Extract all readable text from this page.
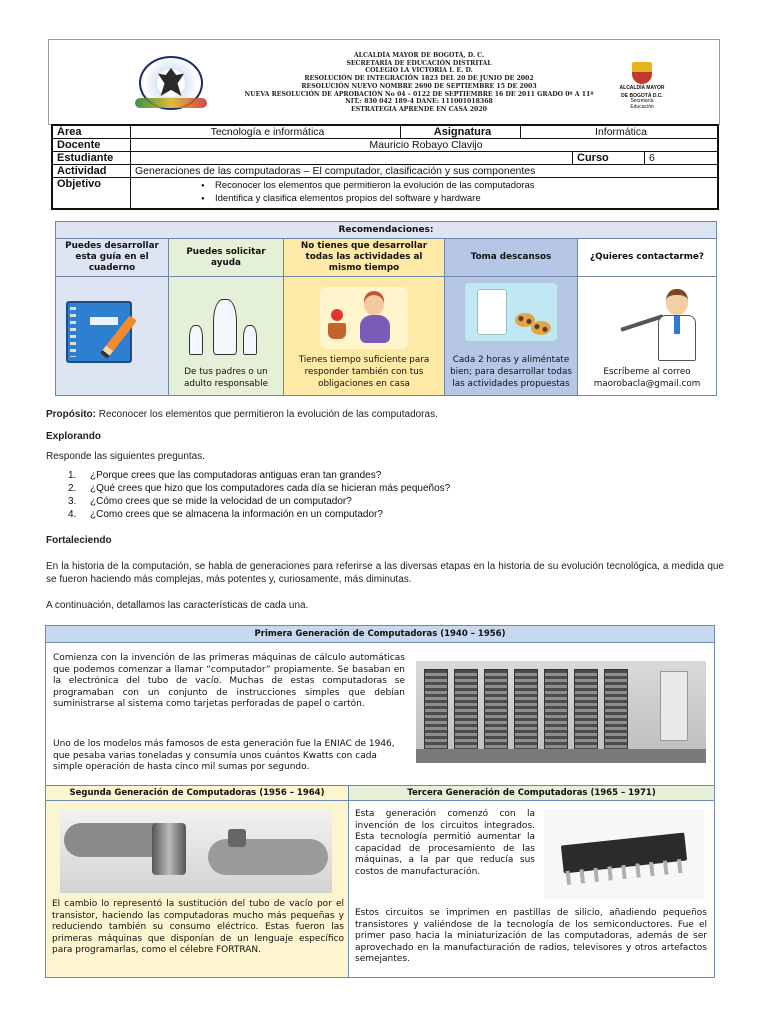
ALCALDÍA MAYOR DE BOGOTÁ, D. C.
SECRETARÍA DE EDUCACIÓN DISTRITAL
COLEGIO LA VICTORIA I. E. D.
RESOLUCIÓN DE INTEGRACIÓN 1823 DEL 20 DE JUNIO DE 2002
RESOLUCIÓN NUEVO NOMBRE 2690 DE SEPTIEMBRE 15 DE 2003
NUEVA RESOLUCIÓN DE APROBACIÓN No 04 – 0122 DE SEPTIEMBRE 16 DE 2011 GRADO 0º A 11º
NIT.: 830 042 189-4 DANE: 111001018368
ESTRATEGIA APRENDE EN CASA 2020
ALCALDÍA MAYOR
DE BOGOTÁ D.C.
Secretaría
Educación
Área	Tecnología e informática	Asignatura	Informática
Docente	Mauricio Robayo Clavijo
Estudiante	Curso	6
Actividad	Generaciones de las computadoras – El computador, clasificación y sus componentes
Objetivo
●	Reconocer los elementos que permitieron la evolución de las computadoras
● Identifica y clasifica elementos propios del software y hardware
Recomendaciones:
Puedes desarrollar esta guía en el cuaderno
Puedes solicitar ayuda
De tus padres o un adulto responsable
No tienes que desarrollar todas las actividades al mismo tiempo
Tienes tiempo suficiente para responder también con tus obligaciones en casa
Toma descansos
Cada 2 horas y aliméntate bien; para desarrollar todas las actividades propuestas
¿Quieres contactarme?
Escríbeme al correo maorobacla@gmail.com
Propósito: Reconocer los elementos que permitieron la evolución de las computadoras.
Explorando
Responde las siguientes preguntas.
1. ¿Porque crees que las computadoras antiguas eran tan grandes?
2. ¿Qué crees que hizo que los computadores cada día se hicieran más pequeños?
3. ¿Cómo crees que se mide la velocidad de un computador?
4. ¿Como crees que se almacena la información en un computador?
Fortaleciendo
En la historia de la computación, se habla de generaciones para referirse a las diversas etapas en la historia de su evolución tecnológica, a medida que se fueron haciendo más complejas, más potentes y, curiosamente, más diminutas.
A continuación, detallamos las características de cada una.
Primera Generación de Computadoras (1940 – 1956)
Comienza con la invención de las primeras máquinas de cálculo automáticas que podemos comenzar a llamar “computador” propiamente. Se basaban en la electrónica del tubo de vacío. Muchas de estas computadoras se programaban con un conjunto de instrucciones simples que debían suministrarse al sistema como tarjetas perforadas de papel o cartón.
Uno de los modelos más famosos de esta generación fue la ENIAC de 1946, que pesaba varias toneladas y consumía unos cuántos Kwatts con cada simple operación de hasta cinco mil sumas por segundo.
Segunda Generación de Computadoras (1956 – 1964)	Tercera Generación de Computadoras (1965 – 1971)
El cambio lo representó la sustitución del tubo de vacío por el transistor, haciendo las computadoras mucho más pequeñas y reduciendo también su consumo eléctrico. Estas fueron las primeras máquinas que disponían de un lenguaje específico para programarlas, como el célebre FORTRAN.
Esta generación comenzó con la invención de los circuitos integrados. Esta tecnología permitió aumentar la capacidad de procesamiento de las máquinas, a la par que reducía sus costos de manufacturación.
Estos circuitos se imprimen en pastillas de silicio, añadiendo pequeños transistores y valiéndose de la tecnología de los semiconductores. Fue el primer paso hacia la miniaturización de las computadoras, además de ser aprovechado en la manufacturación de radios, televisores y otros artefactos semejantes.
